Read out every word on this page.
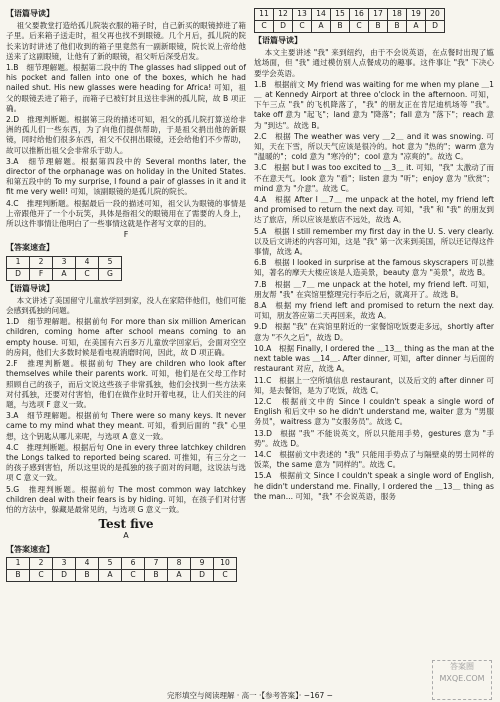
【语篇导读】
祖父要教堂打造给孤儿院装衣服的箱子时，自己新买的眼镜掉进了箱子里。后来箱子送走时，祖父再也找不到眼镜。几个月后，孤儿院的院长来访时讲述了他们收到的箱子里竟然有一副新眼镜，院长说上帝给他送来了这副眼镜，让他有了新的眼镜，祖父听后深受启发。
1.B　细节理解题。根据第二段中的 The glasses had slipped out of his pocket and fallen into one of the boxes, which he had nailed shut. His new glasses were heading for Africa! 可知，祖父的眼镜丢进了箱子，而箱子已被钉封且送往非洲的孤儿院，故 B 项正确。
2.D　推理判断题。根据第三段的描述可知，祖父的孤儿院打算送给非洲的孤儿们一些东西，为了向他们提供帮助，于是祖父捐出他的新眼镜，同时给他们很多东西，祖父不仅捐出眼镜，还会给他们不少帮助，故可以推断出祖父会非常乐于助人。
3.A　细节理解题。根据第四段中的 Several months later, the director of the orphanage was on holiday in the United States. 和第五段中的 To my surprise, I found a pair of glasses in it and it fit me very well! 可知，该副眼镜的是孤儿院的院长。
4.C　推理判断题。根据最后一段的描述可知，祖父认为眼镜的事情是上帝跟他开了一个小玩笑，具体是指祖父的眼镜用在了需要的人身上，所以这件事情让他明白了一些事情这就是作者写文章的目的。
F
【答案速查】
1	2	3	4	5
D	F	A	C	G
【语篇导读】
本文讲述了美国留守儿童放学回到家，没人在家陪伴他们，他们可能会感到孤独的问题。
1.D　细节理解题。根据前句 For more than six million American children, coming home after school means coming to an empty house. 可知，在美国有六百多万儿童放学回家后，会面对空空的房间，他们大多数时候是看电视消磨时间，因此，故 D 项正确。
2.F　推理判断题。根据前句 They are children who look after themselves while their parents work. 可知，他们是在父母工作时照顾自己的孩子，而后文说这些孩子非常孤独，他们会找到一些方法来对付孤独，还要对付害怕，他们在做作业时开着电视，让人们关注的问题，与选项 F 意义一致。
3.A　细节理解题。根据前句 There were so many keys. It never came to my mind what they meant. 可知，看到后面的 "我" 心里想，这个钥匙从哪儿来呢，与选项 A 意义一致。
4.C　推理判断题。根据后句 One in every three latchkey children the Longs talked to reported being scared. 可推知，有三分之一的孩子感到害怕，所以这里说的是孤独的孩子面对的问题，这说法与选项 C 意义一致。
5.G　推理判断题。根据前句 The most common way latchkey children deal with their fears is by hiding. 可知，在孩子们对付害怕的方法中，躲藏是最常见的，与选项 G 意义一致。
Test five
A
【答案速查】
1	2	3	4	5	6	7	8	9	10
B	C	D	B	A	C	B	A	D	C
11	12	13	14	15	16	17	18	19	20
C	D	C	A	B	C	B	B	A	D
【语篇导读】
本文主要讲述 "我" 来到纽约，由于不会说英语，在点餐时出现了尴尬场面，但 "我" 通过模仿别人点餐成功的趣事。这件事让 "我" 下决心要学会英语。
1.B　根据前文 My friend was waiting for me when my plane ＿1＿ at Kennedy Airport at three o'clock in the afternoon. 可知，下午三点 "我" 的飞机降落了，"我" 的朋友正在肯尼迪机场等 "我"。take off 意为 "起飞"；land 意为 "降落"；fall 意为 "落下"；reach 意为 "到达"。故选 B。
2.C　根据 The weather was very ＿2＿ and it was snowing. 可知，天在下雪，所以天气应该是很冷的。hot 意为 "热的"；warm 意为 "温暖的"；cold 意为 "寒冷的"；cool 意为 "凉爽的"。故选 C。
3.C　根据 but I was too excited to ＿3＿ it. 可知，"我" 太激动了而不在意天气。look 意为 "看"；listen 意为 "听"；enjoy 意为 "欣赏"；mind 意为 "介意"。故选 C。
4.A　根据 After I ＿7＿ me unpack at the hotel, my friend left and promised to return the next day. 可知，"我" 和 "我" 的朋友到达了旅店，所以应该是旅店不远处，故选 A。
5.A　根据 I still remember my first day in the U. S. very clearly. 以及后文讲述的内容可知，这是 "我" 第一次来到美国，所以还记得这件事情，故选 A。
6.B　根据 I looked in surprise at the famous skyscrapers 可以推知，著名的摩天大楼应该是人造美景，beauty 意为 "美景"，故选 B。
7.B　根据 ＿7＿ me unpack at the hotel, my friend left. 可知，朋友帮 "我" 在宾馆里整理完行李后之后，就离开了。故选 B。
8.A　根据 my friend left and promised to return the next day. 可知，朋友答应第二天再回来，故选 A。
9.D　根据 "我" 在宾馆里附近的一家餐馆吃饭要走多远，shortly after 意为 "不久之后"，故选 D。
10.A　根据 Finally, I ordered the ＿13＿ thing as the man at the next table was ＿14＿. After dinner, 可知，after dinner 与后面的 restaurant 对应，故选 A。
11.C　根据上一空所填信息 restaurant，以及后文的 after dinner 可知，是去餐馆，是为了吃饭，故选 C。
12.C　根据前文中的 Since I couldn't speak a single word of English 和后文中 so he didn't understand me, waiter 意为 "男服务员"，waitress 意为 "女服务员"。故选 C。
13.D　根据 "我" 不能说英文，所以只能用手势，gestures 意为 "手势"。故选 D。
14.C　根据前文中表述的 "我" 只能用手势点了与隔壁桌的男士同样的饭菜，the same 意为 "同样的"。故选 C。
15.A　根据前文 Since I couldn't speak a single word of English, he didn't understand me. Finally, I ordered the ＿13＿ thing as the man... 可知，"我" 不会说英语，服务
答案圈 MXQE.COM
完形填空与阅读理解 · 高一 ·【参考答案】· −167 −
